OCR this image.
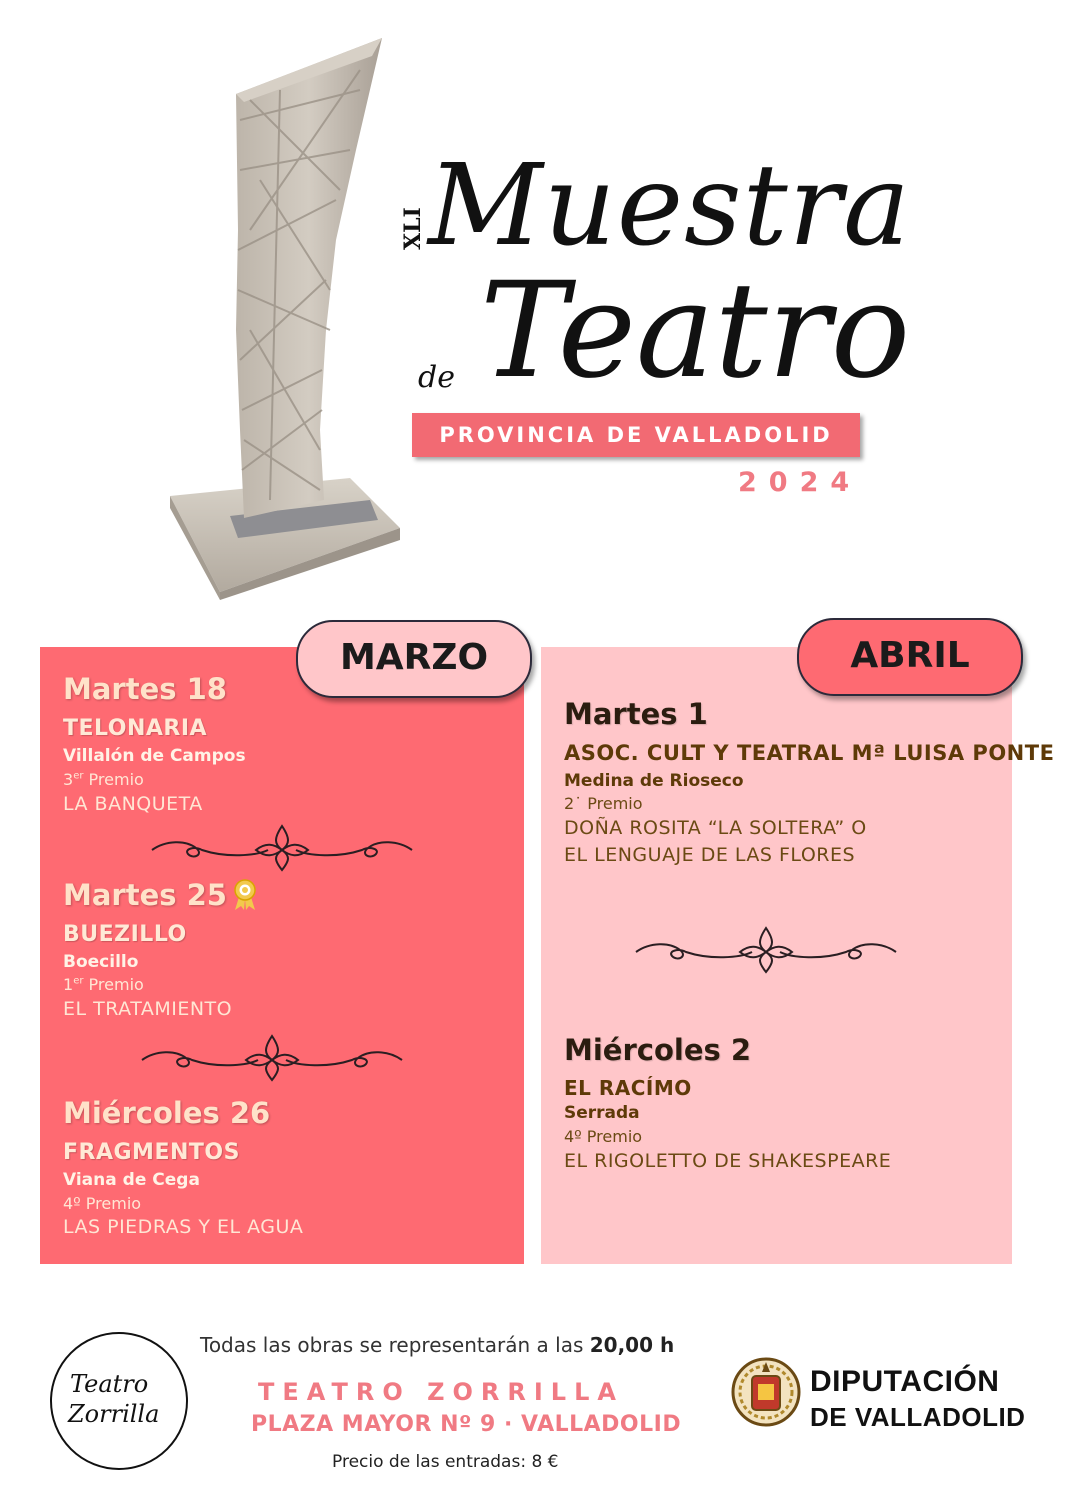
XLI Muestra
de Teatro
PROVINCIA DE VALLADOLID
2024
MARZO	ABRIL
Martes 18
TELONARIA
Villalón de Campos
3er Premio
LA BANQUETA
Martes 25
BUEZILLO
Boecillo
1er Premio
EL TRATAMIENTO
Miércoles 26
FRAGMENTOS
Viana de Cega
4º Premio
LAS PIEDRAS Y EL AGUA
Martes 1
ASOC. CULT Y TEATRAL Mª LUISA PONTE
Medina de Rioseco
2˙ Premio
DOÑA ROSITA “LA SOLTERA” O
EL LENGUAJE DE LAS FLORES
Miércoles 2
EL RACÍMO
Serrada
4º Premio
EL RIGOLETTO DE SHAKESPEARE
Teatro
Zorrilla
Todas las obras se representarán a las 20,00 h
TEATRO ZORRILLA
PLAZA MAYOR Nº 9 · VALLADOLID
Precio de las entradas: 8 €
DIPUTACIÓN
DE VALLADOLID
